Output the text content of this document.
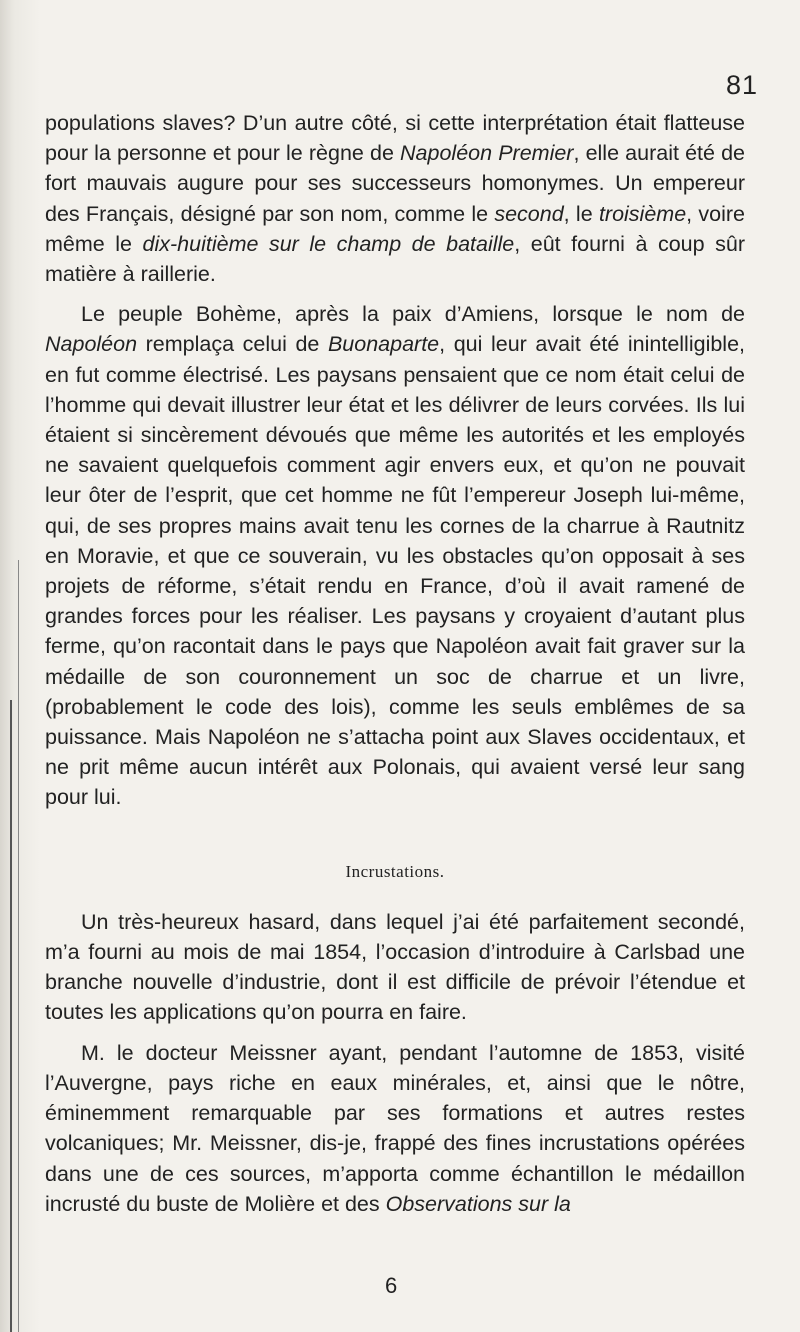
81

populations slaves? D’un autre côté, si cette interprétation était flatteuse pour la personne et pour le règne de Napoléon Premier, elle aurait été de fort mauvais augure pour ses successeurs homonymes. Un empereur des Français, désigné par son nom, comme le second, le troisième, voire même le dix-huitième sur le champ de bataille, eût fourni à coup sûr matière à raillerie.

Le peuple Bohème, après la paix d’Amiens, lorsque le nom de Napoléon remplaça celui de Buonaparte, qui leur avait été inintelligible, en fut comme électrisé. Les paysans pensaient que ce nom était celui de l’homme qui devait illustrer leur état et les délivrer de leurs corvées. Ils lui étaient si sincèrement dévoués que même les autorités et les employés ne savaient quelquefois comment agir envers eux, et qu’on ne pouvait leur ôter de l’esprit, que cet homme ne fût l’empereur Joseph lui-même, qui, de ses propres mains avait tenu les cornes de la charrue à Rautnitz en Moravie, et que ce souverain, vu les obstacles qu’on opposait à ses projets de réforme, s’était rendu en France, d’où il avait ramené de grandes forces pour les réaliser. Les paysans y croyaient d’autant plus ferme, qu’on racontait dans le pays que Napoléon avait fait graver sur la médaille de son couronnement un soc de charrue et un livre, (probablement le code des lois), comme les seuls emblêmes de sa puissance. Mais Napoléon ne s’attacha point aux Slaves occidentaux, et ne prit même aucun intérêt aux Polonais, qui avaient versé leur sang pour lui.

Incrustations.

Un très-heureux hasard, dans lequel j’ai été parfaitement secondé, m’a fourni au mois de mai 1854, l’occasion d’introduire à Carlsbad une branche nouvelle d’industrie, dont il est difficile de prévoir l’étendue et toutes les applications qu’on pourra en faire.

M. le docteur Meissner ayant, pendant l’automne de 1853, visité l’Auvergne, pays riche en eaux minérales, et, ainsi que le nôtre, éminemment remarquable par ses formations et autres restes volcaniques; Mr. Meissner, dis-je, frappé des fines incrustations opérées dans une de ces sources, m’apporta comme échantillon le médaillon incrusté du buste de Molière et des Observations sur la

6
